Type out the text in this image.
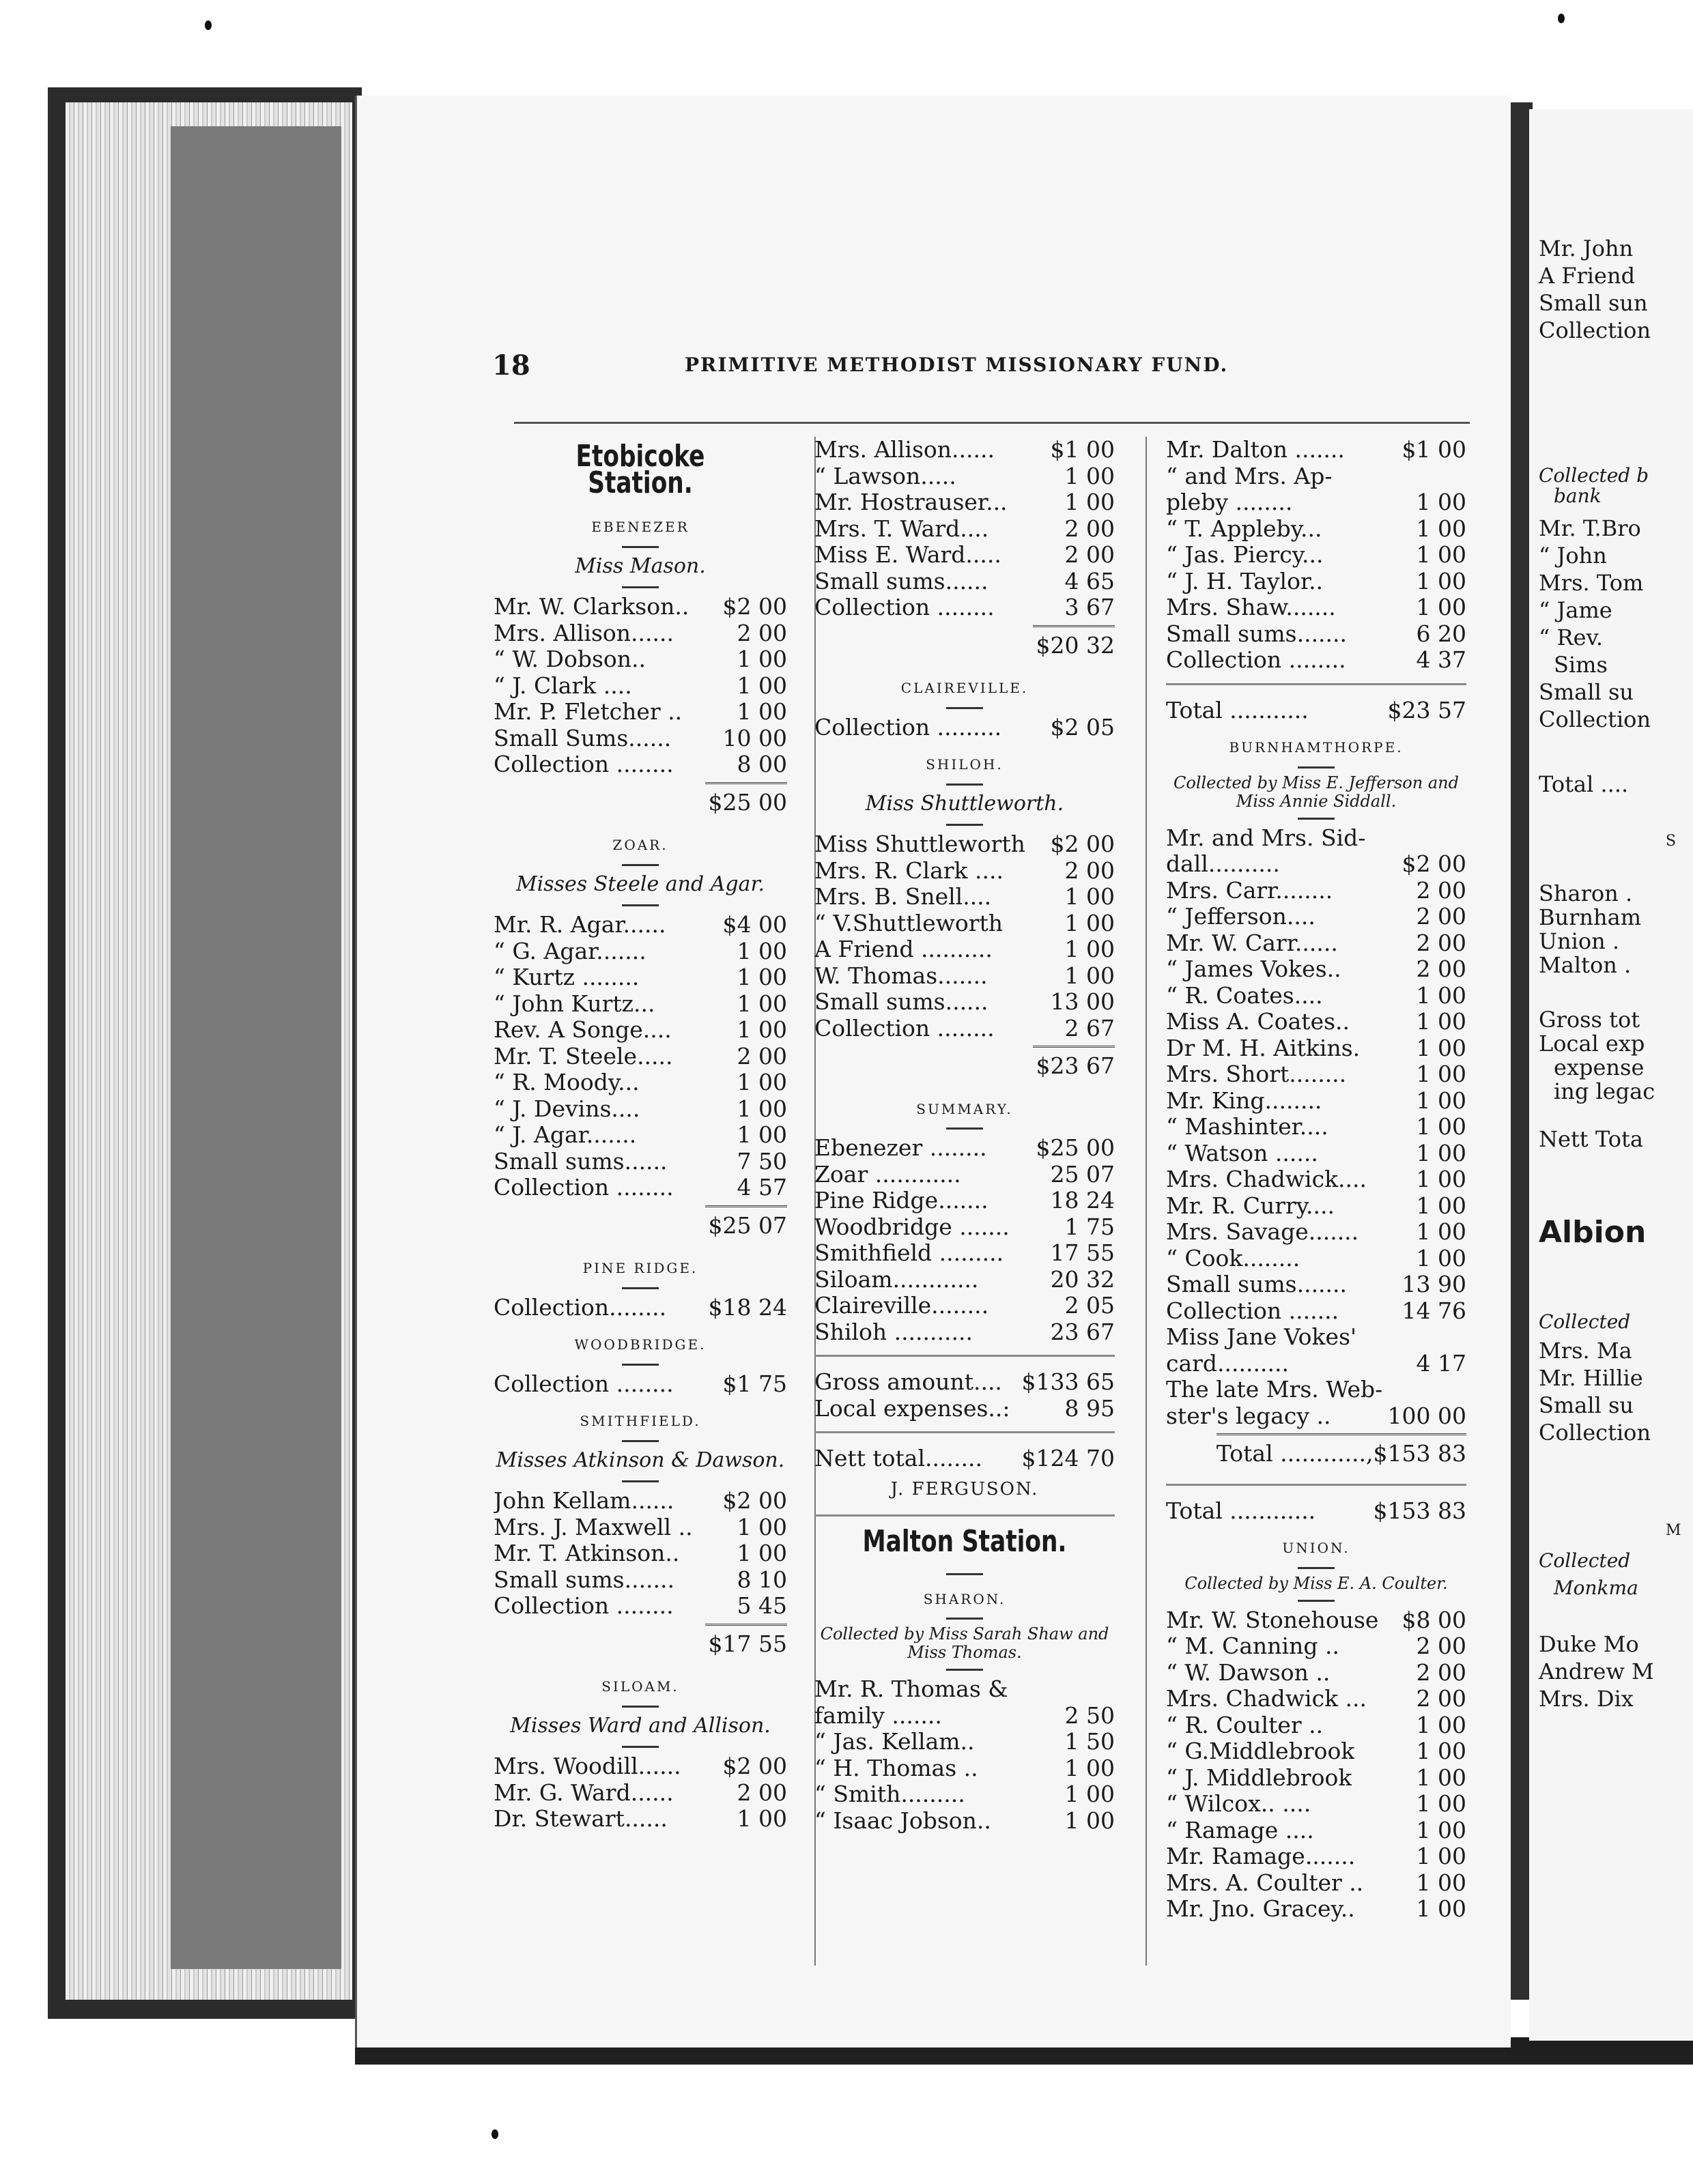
18	PRIMITIVE METHODIST MISSIONARY FUND.
Etobicoke Station.
EBENEZER
Miss Mason.
Mr. W. Clarkson..	$2 00
Mrs. Allison......	2 00
“ W. Dobson..	1 00
“ J. Clark ....	1 00
Mr. P. Fletcher ..	1 00
Small Sums......	10 00
Collection ........	8 00
$25 00
ZOAR.
Misses Steele and Agar.
Mr. R. Agar......	$4 00
“ G. Agar.......	1 00
“ Kurtz ........	1 00
“ John Kurtz...	1 00
Rev. A Songe....	1 00
Mr. T. Steele.....	2 00
“ R. Moody...	1 00
“ J. Devins....	1 00
“ J. Agar.......	1 00
Small sums......	7 50
Collection ........	4 57
$25 07
PINE RIDGE.
Collection........ $18 24
WOODBRIDGE.
Collection ........	$1 75
SMITHFIELD.
Misses Atkinson & Dawson.
John Kellam......	$2 00
Mrs. J. Maxwell ..	1 00
Mr. T. Atkinson..	1 00
Small sums.......	8 10
Collection ........	5 45
$17 55
SILOAM.
Misses Ward and Allison.
Mrs. Woodill......	$2 00
Mr. G. Ward......	2 00
Dr. Stewart......	1 00
Mrs. Allison......	$1 00
“ Lawson.....	1 00
Mr. Hostrauser...	1 00
Mrs. T. Ward....	2 00
Miss E. Ward.....	2 00
Small sums......	4 65
Collection ........	3 67
$20 32
CLAIREVILLE.
Collection .........	$2 05
SHILOH.
Miss Shuttleworth.
Miss Shuttleworth	$2 00
Mrs. R. Clark ....	2 00
Mrs. B. Snell....	1 00
“ V.Shuttleworth	1 00
A Friend ..........	1 00
W. Thomas.......	1 00
Small sums......	13 00
Collection ........	2 67
$23 67
SUMMARY.
Ebenezer ........ $25 00
Zoar ............	25 07
Pine Ridge.......	18 24
Woodbridge .......	1 75
Smithfield .........	17 55
Siloam............	20 32
Claireville........	2 05
Shiloh ...........	23 67
Gross amount.... $133 65
Local expenses..:	8 95
Nett total........ $124 70
J. FERGUSON.
Malton Station.
SHARON.
Collected by Miss Sarah Shaw and Miss Thomas.
Mr. R. Thomas &
family .......	2 50
“ Jas. Kellam..	1 50
“ H. Thomas ..	1 00
“ Smith.........	1 00
“ Isaac Jobson..	1 00
Mr. Dalton .......	$1 00
“ and Mrs. Ap-
pleby ........	1 00
“ T. Appleby...	1 00
“ Jas. Piercy...	1 00
“ J. H. Taylor..	1 00
Mrs. Shaw.......	1 00
Small sums.......	6 20
Collection ........	4 37
Total ...........	$23 57
BURNHAMTHORPE.
Collected by Miss E. Jefferson and Miss Annie Siddall.
Mr. and Mrs. Sid-
dall..........	$2 00
Mrs. Carr........	2 00
“ Jefferson....	2 00
Mr. W. Carr......	2 00
“ James Vokes..	2 00
“ R. Coates....	1 00
Miss A. Coates..	1 00
Dr M. H. Aitkins.	1 00
Mrs. Short........	1 00
Mr. King........	1 00
“ Mashinter....	1 00
“ Watson ......	1 00
Mrs. Chadwick....	1 00
Mr. R. Curry....	1 00
Mrs. Savage.......	1 00
“ Cook........	1 00
Small sums.......	13 90
Collection .......	14 76
Miss Jane Vokes'
card..........	4 17
The late Mrs. Web-
ster's legacy ..	100 00
Total ............,$153 83
Total ............	$153 83
UNION.
Collected by Miss E. A. Coulter.
Mr. W. Stonehouse	$8 00
“ M. Canning ..	2 00
“ W. Dawson ..	2 00
Mrs. Chadwick ...	2 00
“ R. Coulter ..	1 00
“ G.Middlebrook	1 00
“ J. Middlebrook	1 00
“ Wilcox.. ....	1 00
“ Ramage ....	1 00
Mr. Ramage.......	1 00
Mrs. A. Coulter ..	1 00
Mr. Jno. Gracey..	1 00
Mr. John
A Friend
Small sun
Collection
Collected b
bank
Mr. T.Bro
“ John
Mrs. Tom
“ Jame
“ Rev.
Sims
Small su
Collection
Total ....
S
Sharon .
Burnham
Union .
Malton .
Gross tot
Local exp
expense
ing legac
Nett Tota
Albion
Collected
Mrs. Ma
Mr. Hillie
Small su
Collection
M
Collected
Monkma
Duke Mo
Andrew M
Mrs. Dix
